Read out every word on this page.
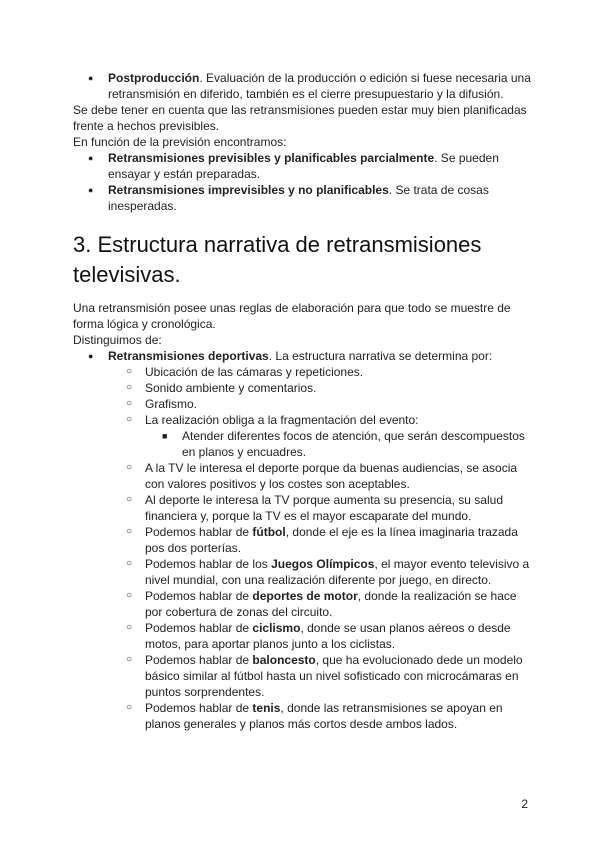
● Postproducción. Evaluación de la producción o edición si fuese necesaria una retransmisión en diferido, también es el cierre presupuestario y la difusión.

Se debe tener en cuenta que las retransmisiones pueden estar muy bien planificadas frente a hechos previsibles.

En función de la previsión encontramos:

● Retransmisiones previsibles y planificables parcialmente. Se pueden ensayar y están preparadas.
● Retransmisiones imprevisibles y no planificables. Se trata de cosas inesperadas.
3. Estructura narrativa de retransmisiones televisivas.

Una retransmisión posee unas reglas de elaboración para que todo se muestre de forma lógica y cronológica.

Distinguimos de:

● Retransmisiones deportivas. La estructura narrativa se determina por:
○ Ubicación de las cámaras y repeticiones.
○ Sonido ambiente y comentarios.
○ Grafismo.
○ La realización obliga a la fragmentación del evento:
■ Atender diferentes focos de atención, que serán descompuestos en planos y encuadres.
○ A la TV le interesa el deporte porque da buenas audiencias, se asocia con valores positivos y los costes son aceptables.
○ Al deporte le interesa la TV porque aumenta su presencia, su salud financiera y, porque la TV es el mayor escaparate del mundo.
○ Podemos hablar de fútbol, donde el eje es la línea imaginaria trazada pos dos porterías.
○ Podemos hablar de los Juegos Olímpicos, el mayor evento televisivo a nivel mundial, con una realización diferente por juego, en directo.
○ Podemos hablar de deportes de motor, donde la realización se hace por cobertura de zonas del circuito.
○ Podemos hablar de ciclismo, donde se usan planos aéreos o desde motos, para aportar planos junto a los ciclistas.
○ Podemos hablar de baloncesto, que ha evolucionado dede un modelo básico similar al fútbol hasta un nivel sofisticado con microcámaras en puntos sorprendentes.
○ Podemos hablar de tenis, donde las retransmisiones se apoyan en planos generales y planos más cortos desde ambos lados.
2
